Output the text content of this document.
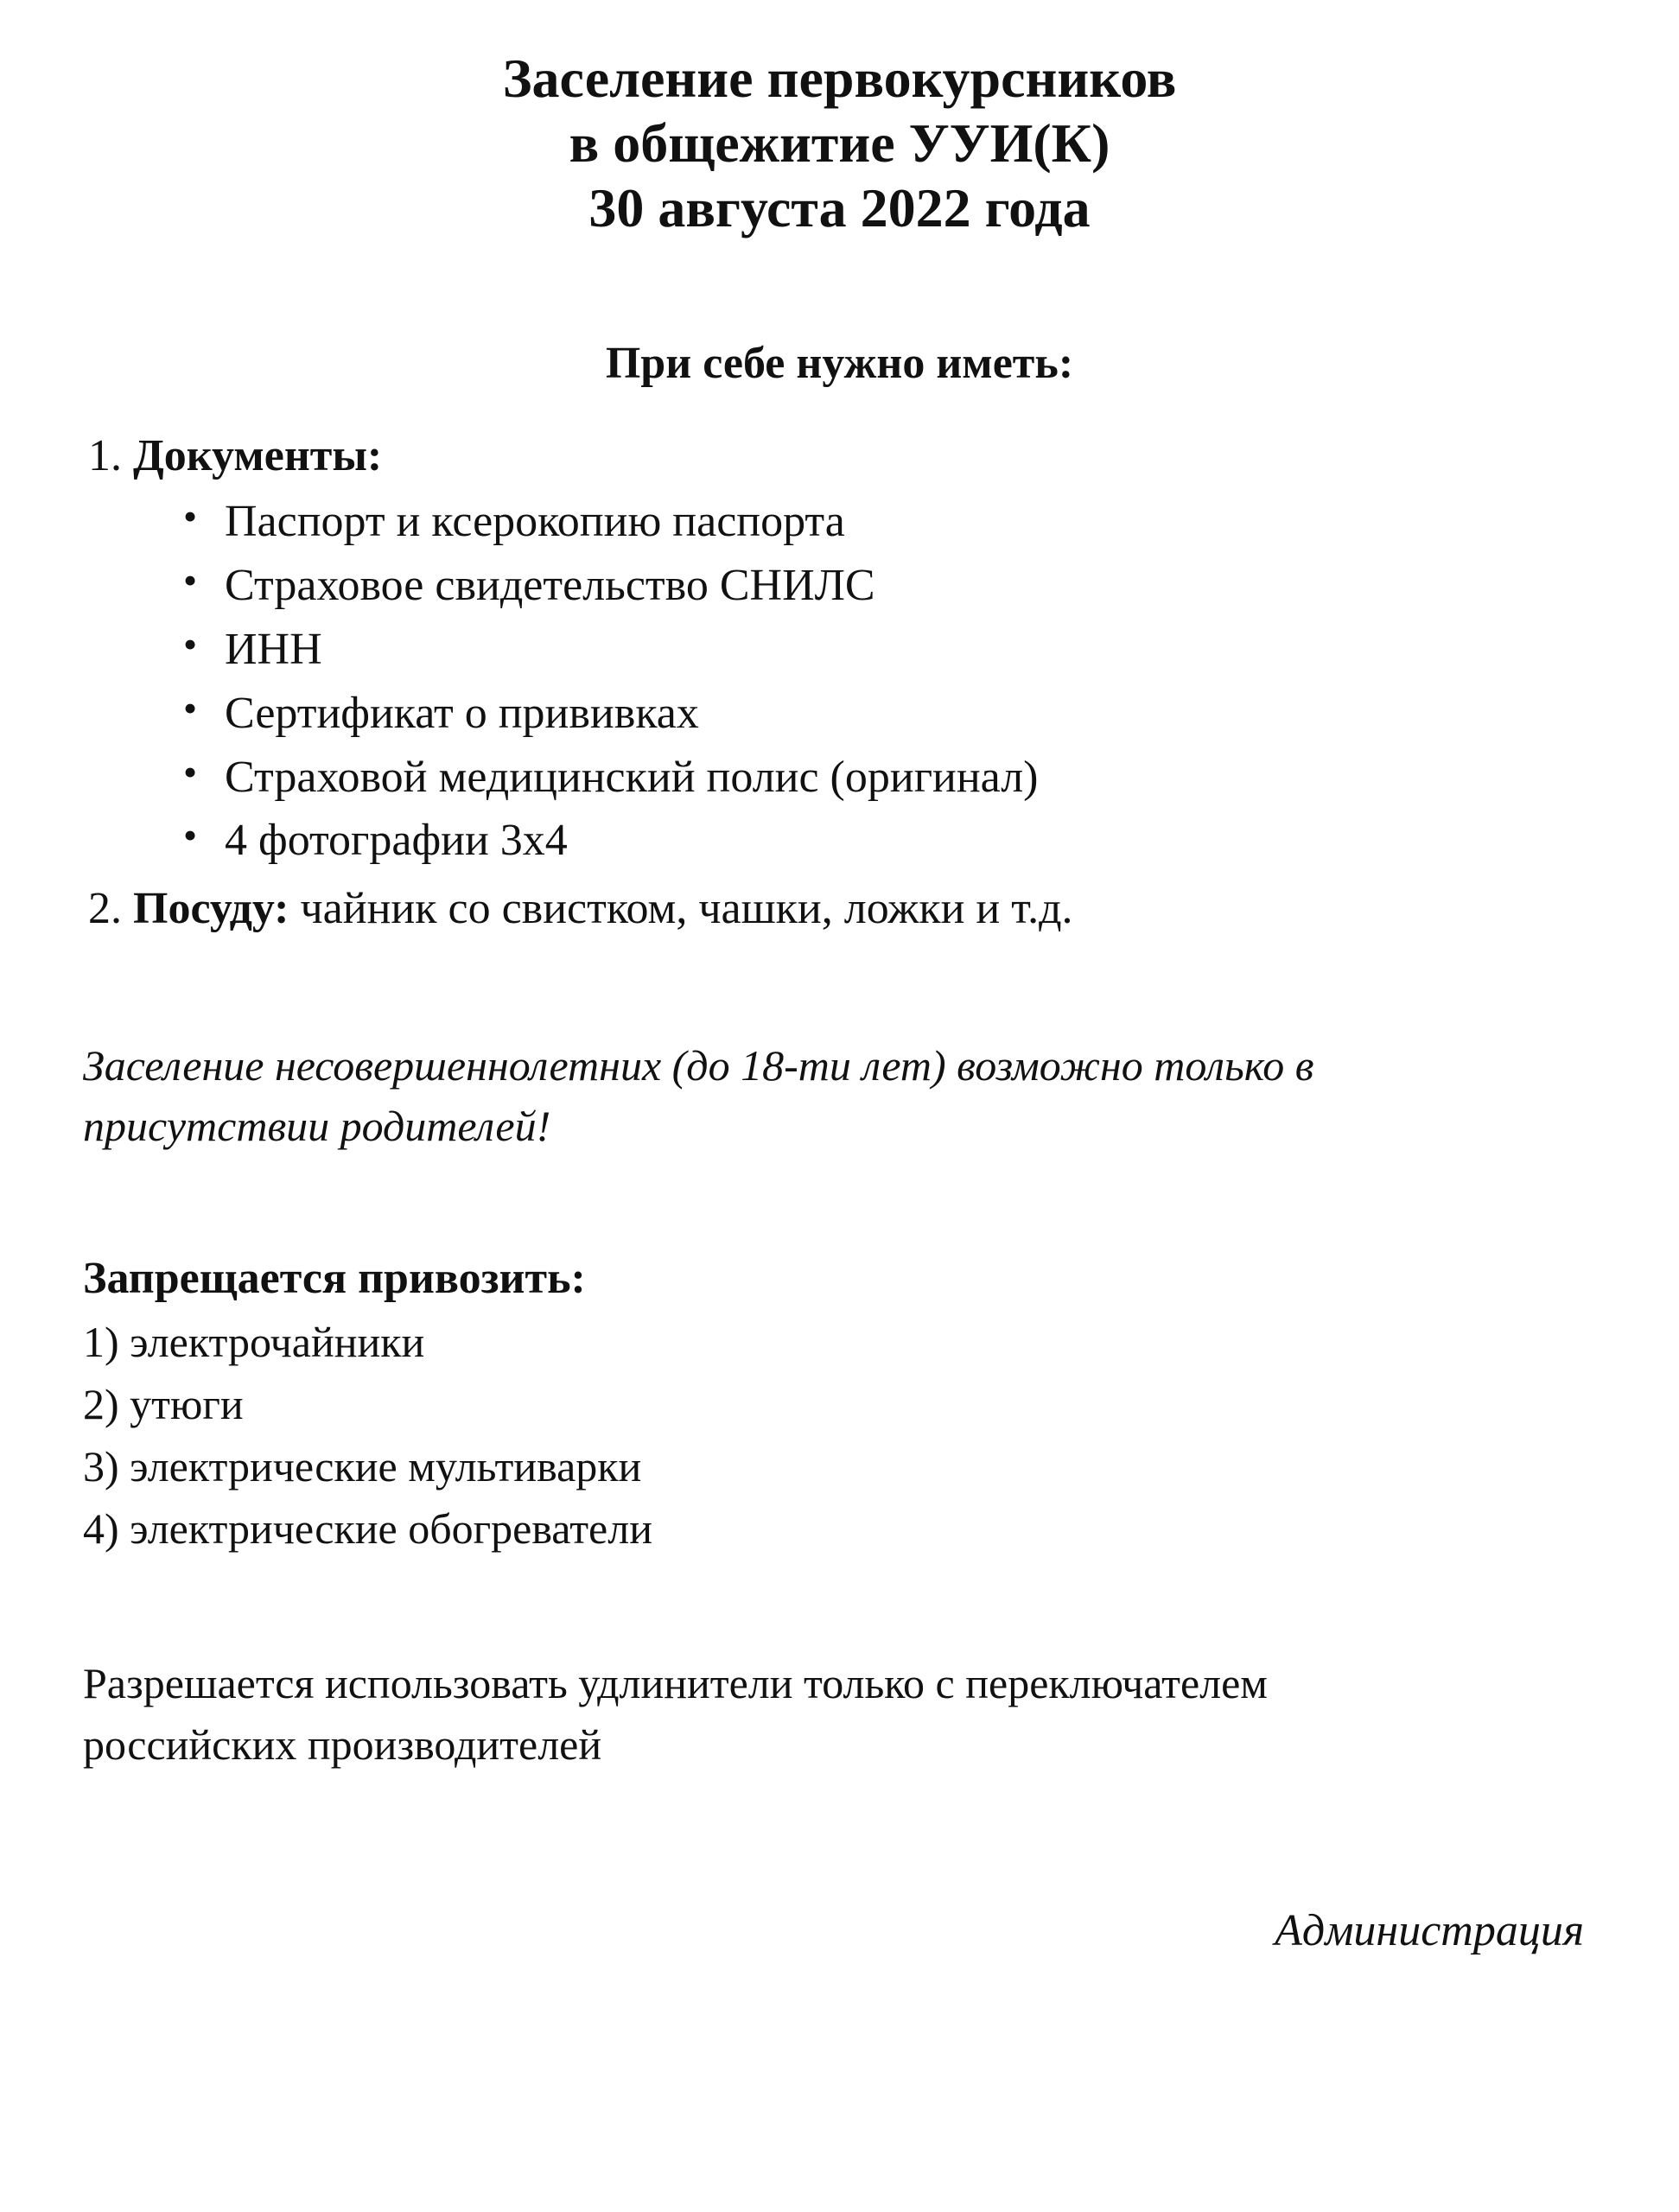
Заселение первокурсников
в общежитие УУИ(К)
30 августа 2022 года
При себе нужно иметь:
1. Документы:
• Паспорт и ксерокопию паспорта
• Страховое свидетельство СНИЛС
• ИНН
• Сертификат о прививках
• Страховой медицинский полис (оригинал)
• 4 фотографии 3х4
2. Посуду: чайник со свистком, чашки, ложки и т.д.
Заселение несовершеннолетних (до 18-ти лет) возможно только в присутствии родителей!
Запрещается привозить:
1) электрочайники
2) утюги
3) электрические мультиварки
4) электрические обогреватели
Разрешается использовать удлинители только с переключателем российских производителей
Администрация
